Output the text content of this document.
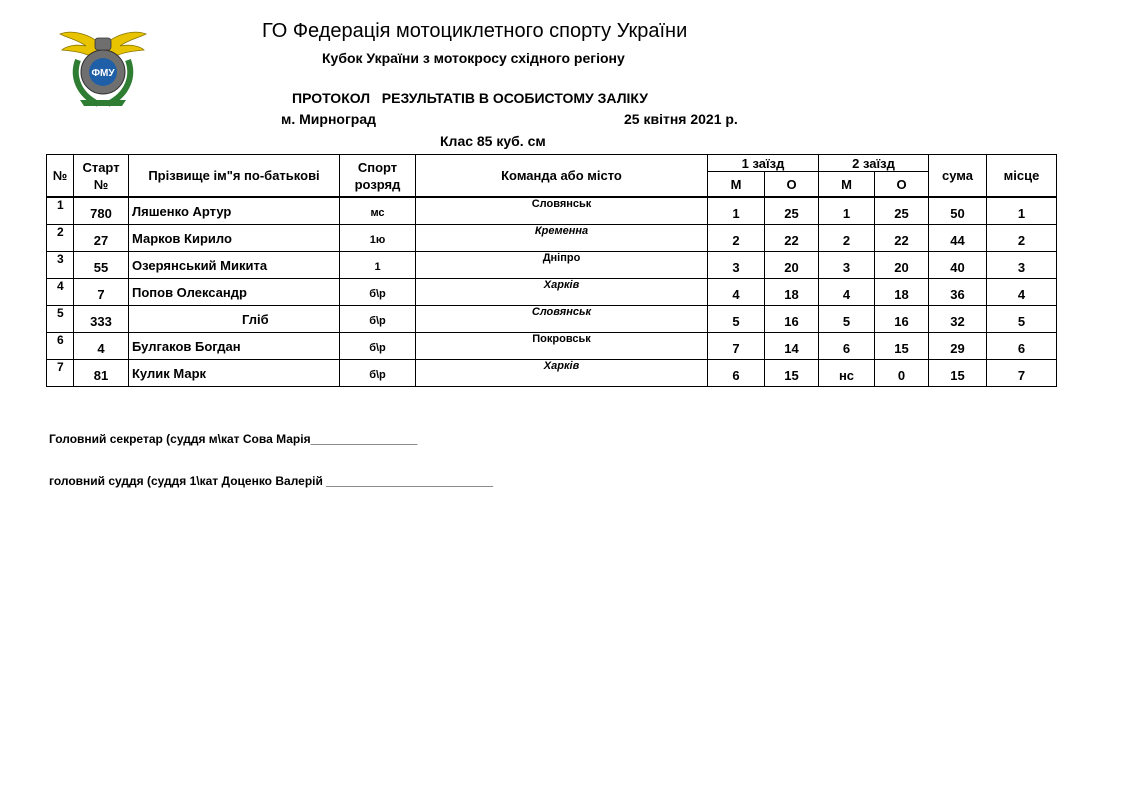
ФМУ
ГО Федерація мотоциклетного спорту України
Кубок України з мотокросу східного регіону
ПРОТОКОЛ   РЕЗУЛЬТАТІВ В ОСОБИСТОМУ ЗАЛІКУ
м. Мирноград	25 квітня 2021 р.
Клас 85 куб. см
№	Старт №	Прізвище ім"я по-батькові	Спорт розряд	Команда або місто	1 заїзд		2 заїзд		сума	місце
					М	О	М	О		
1	780	Ляшенко Артур	мс	Словянськ	1	25	1	25	50	1
2	27	Марков Кирило	1ю	Кременна	2	22	2	22	44	2
3	55	Озерянський Микита	1	Дніпро	3	20	3	20	40	3
4	7	Попов Олександр	б\р	Харків	4	18	4	18	36	4
5	333	Гліб	б\р	Словянськ	5	16	5	16	32	5
6	4	Булгаков Богдан	б\р	Покровськ	7	14	6	15	29	6
7	81	Кулик Марк	б\р	Харків	6	15	нс	0	15	7
Головний секретар (суддя м\кат Сова Марія________________
головний суддя (суддя 1\кат Доценко Валерій _________________________
